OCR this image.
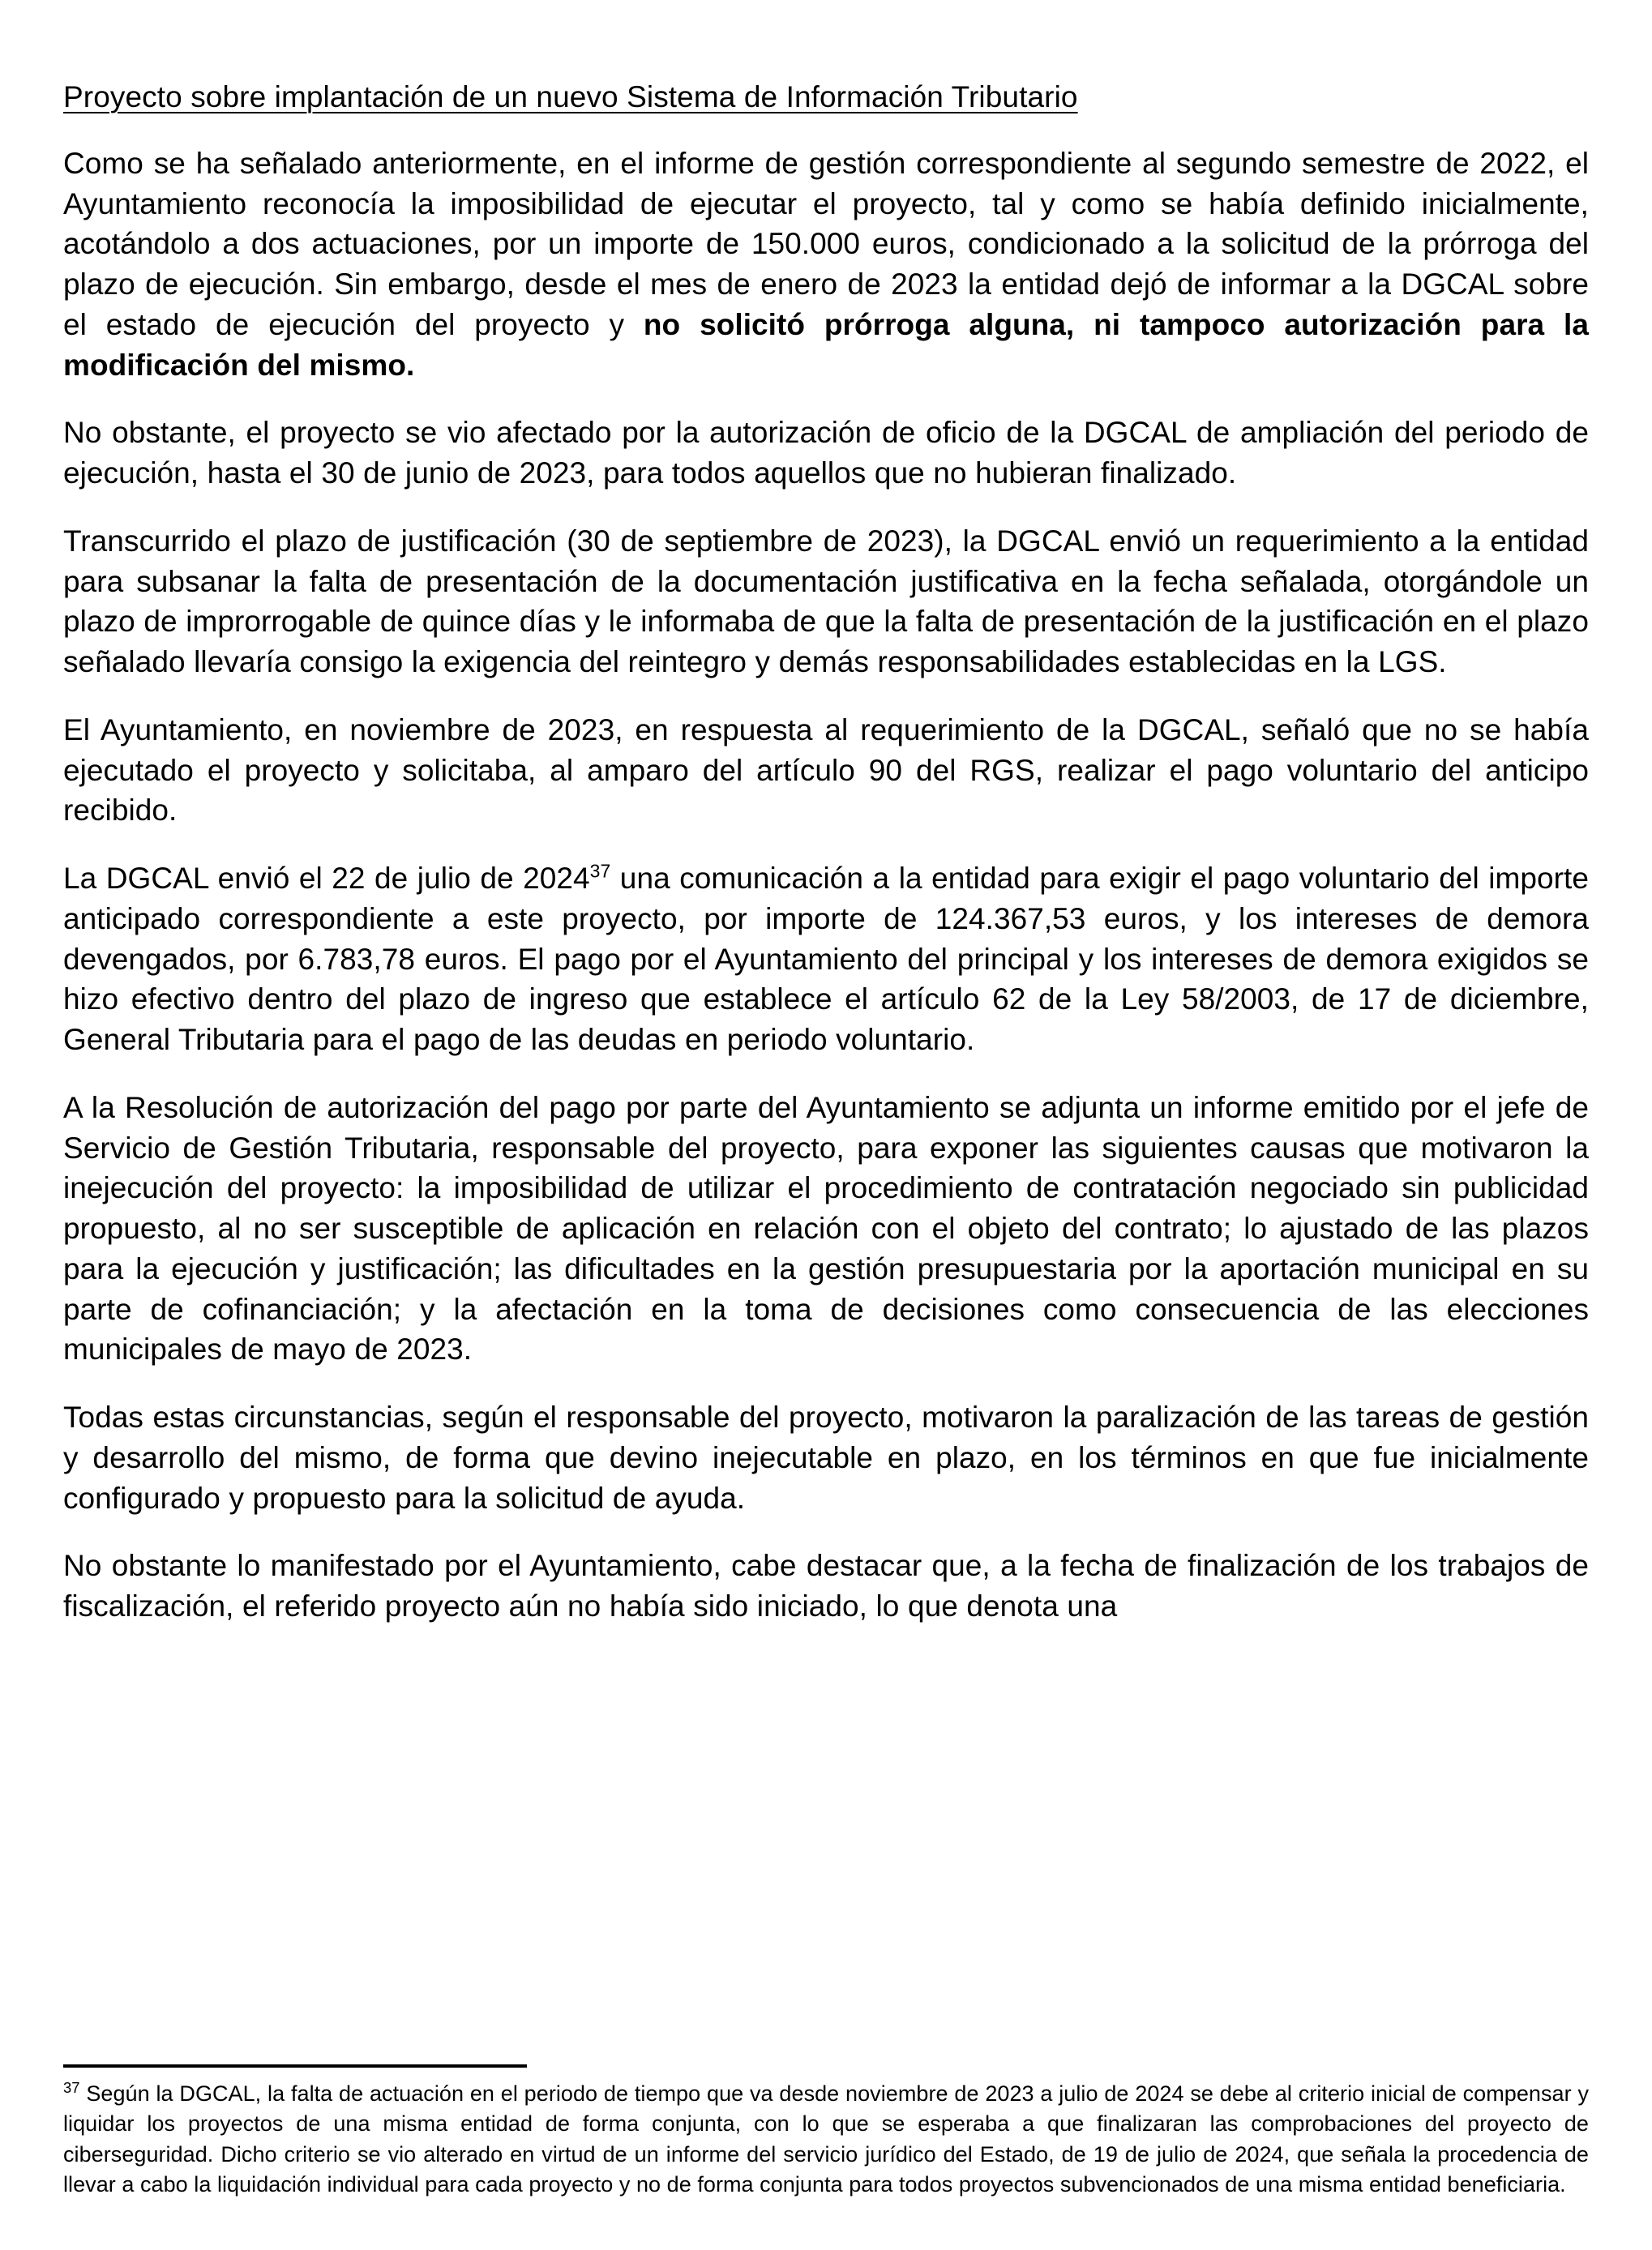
Proyecto sobre implantación de un nuevo Sistema de Información Tributario

Como se ha señalado anteriormente, en el informe de gestión correspondiente al segundo semestre de 2022, el Ayuntamiento reconocía la imposibilidad de ejecutar el proyecto, tal y como se había definido inicialmente, acotándolo a dos actuaciones, por un importe de 150.000 euros, condicionado a la solicitud de la prórroga del plazo de ejecución. Sin embargo, desde el mes de enero de 2023 la entidad dejó de informar a la DGCAL sobre el estado de ejecución del proyecto y no solicitó prórroga alguna, ni tampoco autorización para la modificación del mismo.

No obstante, el proyecto se vio afectado por la autorización de oficio de la DGCAL de ampliación del periodo de ejecución, hasta el 30 de junio de 2023, para todos aquellos que no hubieran finalizado.

Transcurrido el plazo de justificación (30 de septiembre de 2023), la DGCAL envió un requerimiento a la entidad para subsanar la falta de presentación de la documentación justificativa en la fecha señalada, otorgándole un plazo de improrrogable de quince días y le informaba de que la falta de presentación de la justificación en el plazo señalado llevaría consigo la exigencia del reintegro y demás responsabilidades establecidas en la LGS.

El Ayuntamiento, en noviembre de 2023, en respuesta al requerimiento de la DGCAL, señaló que no se había ejecutado el proyecto y solicitaba, al amparo del artículo 90 del RGS, realizar el pago voluntario del anticipo recibido.

La DGCAL envió el 22 de julio de 2024$^{37}$ una comunicación a la entidad para exigir el pago voluntario del importe anticipado correspondiente a este proyecto, por importe de 124.367,53 euros, y los intereses de demora devengados, por 6.783,78 euros. El pago por el Ayuntamiento del principal y los intereses de demora exigidos se hizo efectivo dentro del plazo de ingreso que establece el artículo 62 de la Ley 58/2003, de 17 de diciembre, General Tributaria para el pago de las deudas en periodo voluntario.

A la Resolución de autorización del pago por parte del Ayuntamiento se adjunta un informe emitido por el jefe de Servicio de Gestión Tributaria, responsable del proyecto, para exponer las siguientes causas que motivaron la inejecución del proyecto: la imposibilidad de utilizar el procedimiento de contratación negociado sin publicidad propuesto, al no ser susceptible de aplicación en relación con el objeto del contrato; lo ajustado de las plazos para la ejecución y justificación; las dificultades en la gestión presupuestaria por la aportación municipal en su parte de cofinanciación; y la afectación en la toma de decisiones como consecuencia de las elecciones municipales de mayo de 2023.

Todas estas circunstancias, según el responsable del proyecto, motivaron la paralización de las tareas de gestión y desarrollo del mismo, de forma que devino inejecutable en plazo, en los términos en que fue inicialmente configurado y propuesto para la solicitud de ayuda.

No obstante lo manifestado por el Ayuntamiento, cabe destacar que, a la fecha de finalización de los trabajos de fiscalización, el referido proyecto aún no había sido iniciado, lo que denota una

$^{37}$ Según la DGCAL, la falta de actuación en el periodo de tiempo que va desde noviembre de 2023 a julio de 2024 se debe al criterio inicial de compensar y liquidar los proyectos de una misma entidad de forma conjunta, con lo que se esperaba a que finalizaran las comprobaciones del proyecto de ciberseguridad. Dicho criterio se vio alterado en virtud de un informe del servicio jurídico del Estado, de 19 de julio de 2024, que señala la procedencia de llevar a cabo la liquidación individual para cada proyecto y no de forma conjunta para todos proyectos subvencionados de una misma entidad beneficiaria.
